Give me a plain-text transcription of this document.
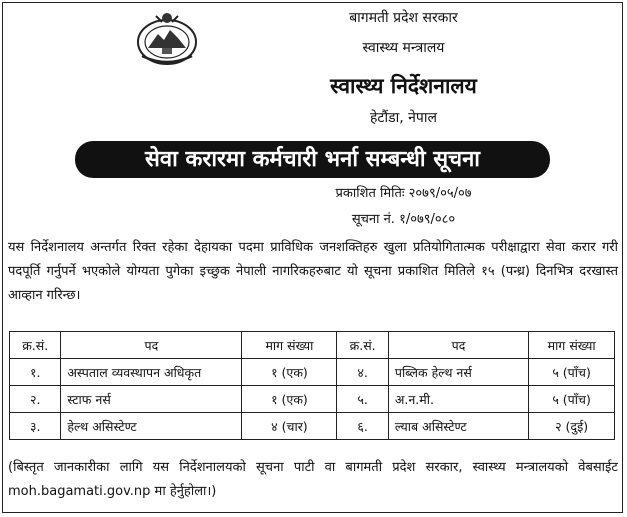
बागमती प्रदेश सरकार
स्वास्थ्य मन्त्रालय
स्वास्थ्य निर्देशनालय
हेटौंडा, नेपाल
सेवा करारमा कर्मचारी भर्ना सम्बन्धी सूचना
प्रकाशित मितिः २०७९/०५/०७
सूचना नं. १/०७९/०८०
यस निर्देशनालय अन्तर्गत रिक्त रहेका देहायका पदमा प्राविधिक जनशक्तिहरु खुला प्रतियोगितात्मक परीक्षाद्वारा सेवा करार गरी पदपूर्ति गर्नुपर्ने भएकोले योग्यता पुगेका इच्छुक नेपाली नागरिकहरुबाट यो सूचना प्रकाशित मितिले १५ (पन्ध्र) दिनभित्र दरखास्त आव्हान गरिन्छ।
क्र.सं.	पद	माग संख्या	क्र.सं.	पद	माग संख्या
१.	अस्पताल व्यवस्थापन अधिकृत	१ (एक)	४.	पब्लिक हेल्थ नर्स	५ (पाँच)
२.	स्टाफ नर्स	१ (एक)	५.	अ.न.मी.	५ (पाँच)
३.	हेल्थ असिस्टेण्ट	४ (चार)	६.	ल्याब असिस्टेण्ट	२ (दुई)
(बिस्तृत जानकारीका लागि यस निर्देशनालयको सूचना पाटी वा बागमती प्रदेश सरकार, स्वास्थ्य मन्त्रालयको वेबसाईट moh.bagamati.gov.np मा हेर्नुहोला।)
